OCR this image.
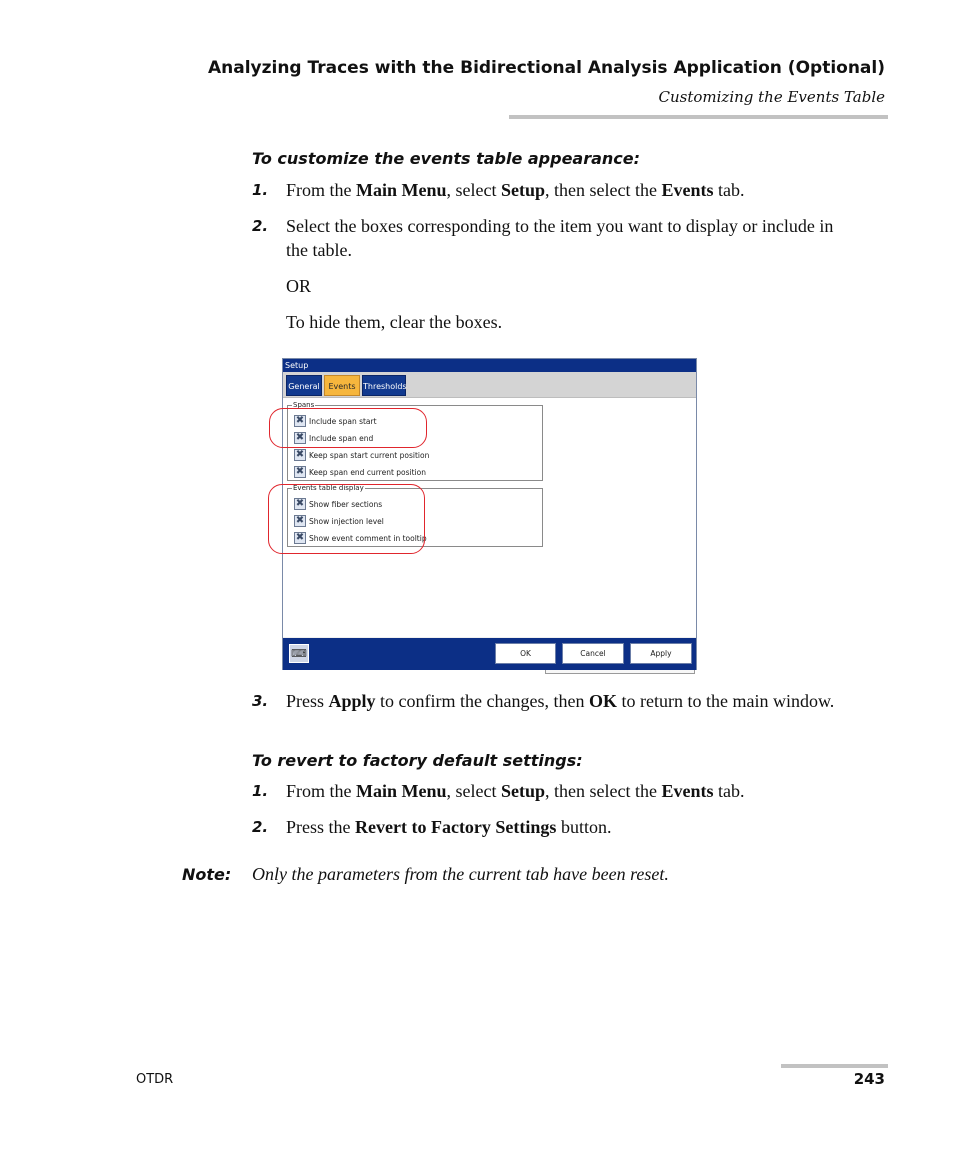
Analyzing Traces with the Bidirectional Analysis Application (Optional)
Customizing the Events Table
To customize the events table appearance:
1. From the Main Menu, select Setup, then select the Events tab.
2. Select the boxes corresponding to the item you want to display or include in the table.
OR
To hide them, clear the boxes.
Setup
General	Events Thresholds
Spans
✖ Include span start
✖ Include span end
✖ Keep span start current position
✖ Keep span end current position
Events table display
✖ Show fiber sections
✖ Show injection level
✖ Show event comment in tooltip
⌨	OK	Cancel	Apply
3. Press Apply to confirm the changes, then OK to return to the main window.
To revert to factory default settings:
1. From the Main Menu, select Setup, then select the Events tab.
2. Press the Revert to Factory Settings button.
Note: Only the parameters from the current tab have been reset.
OTDR	243
